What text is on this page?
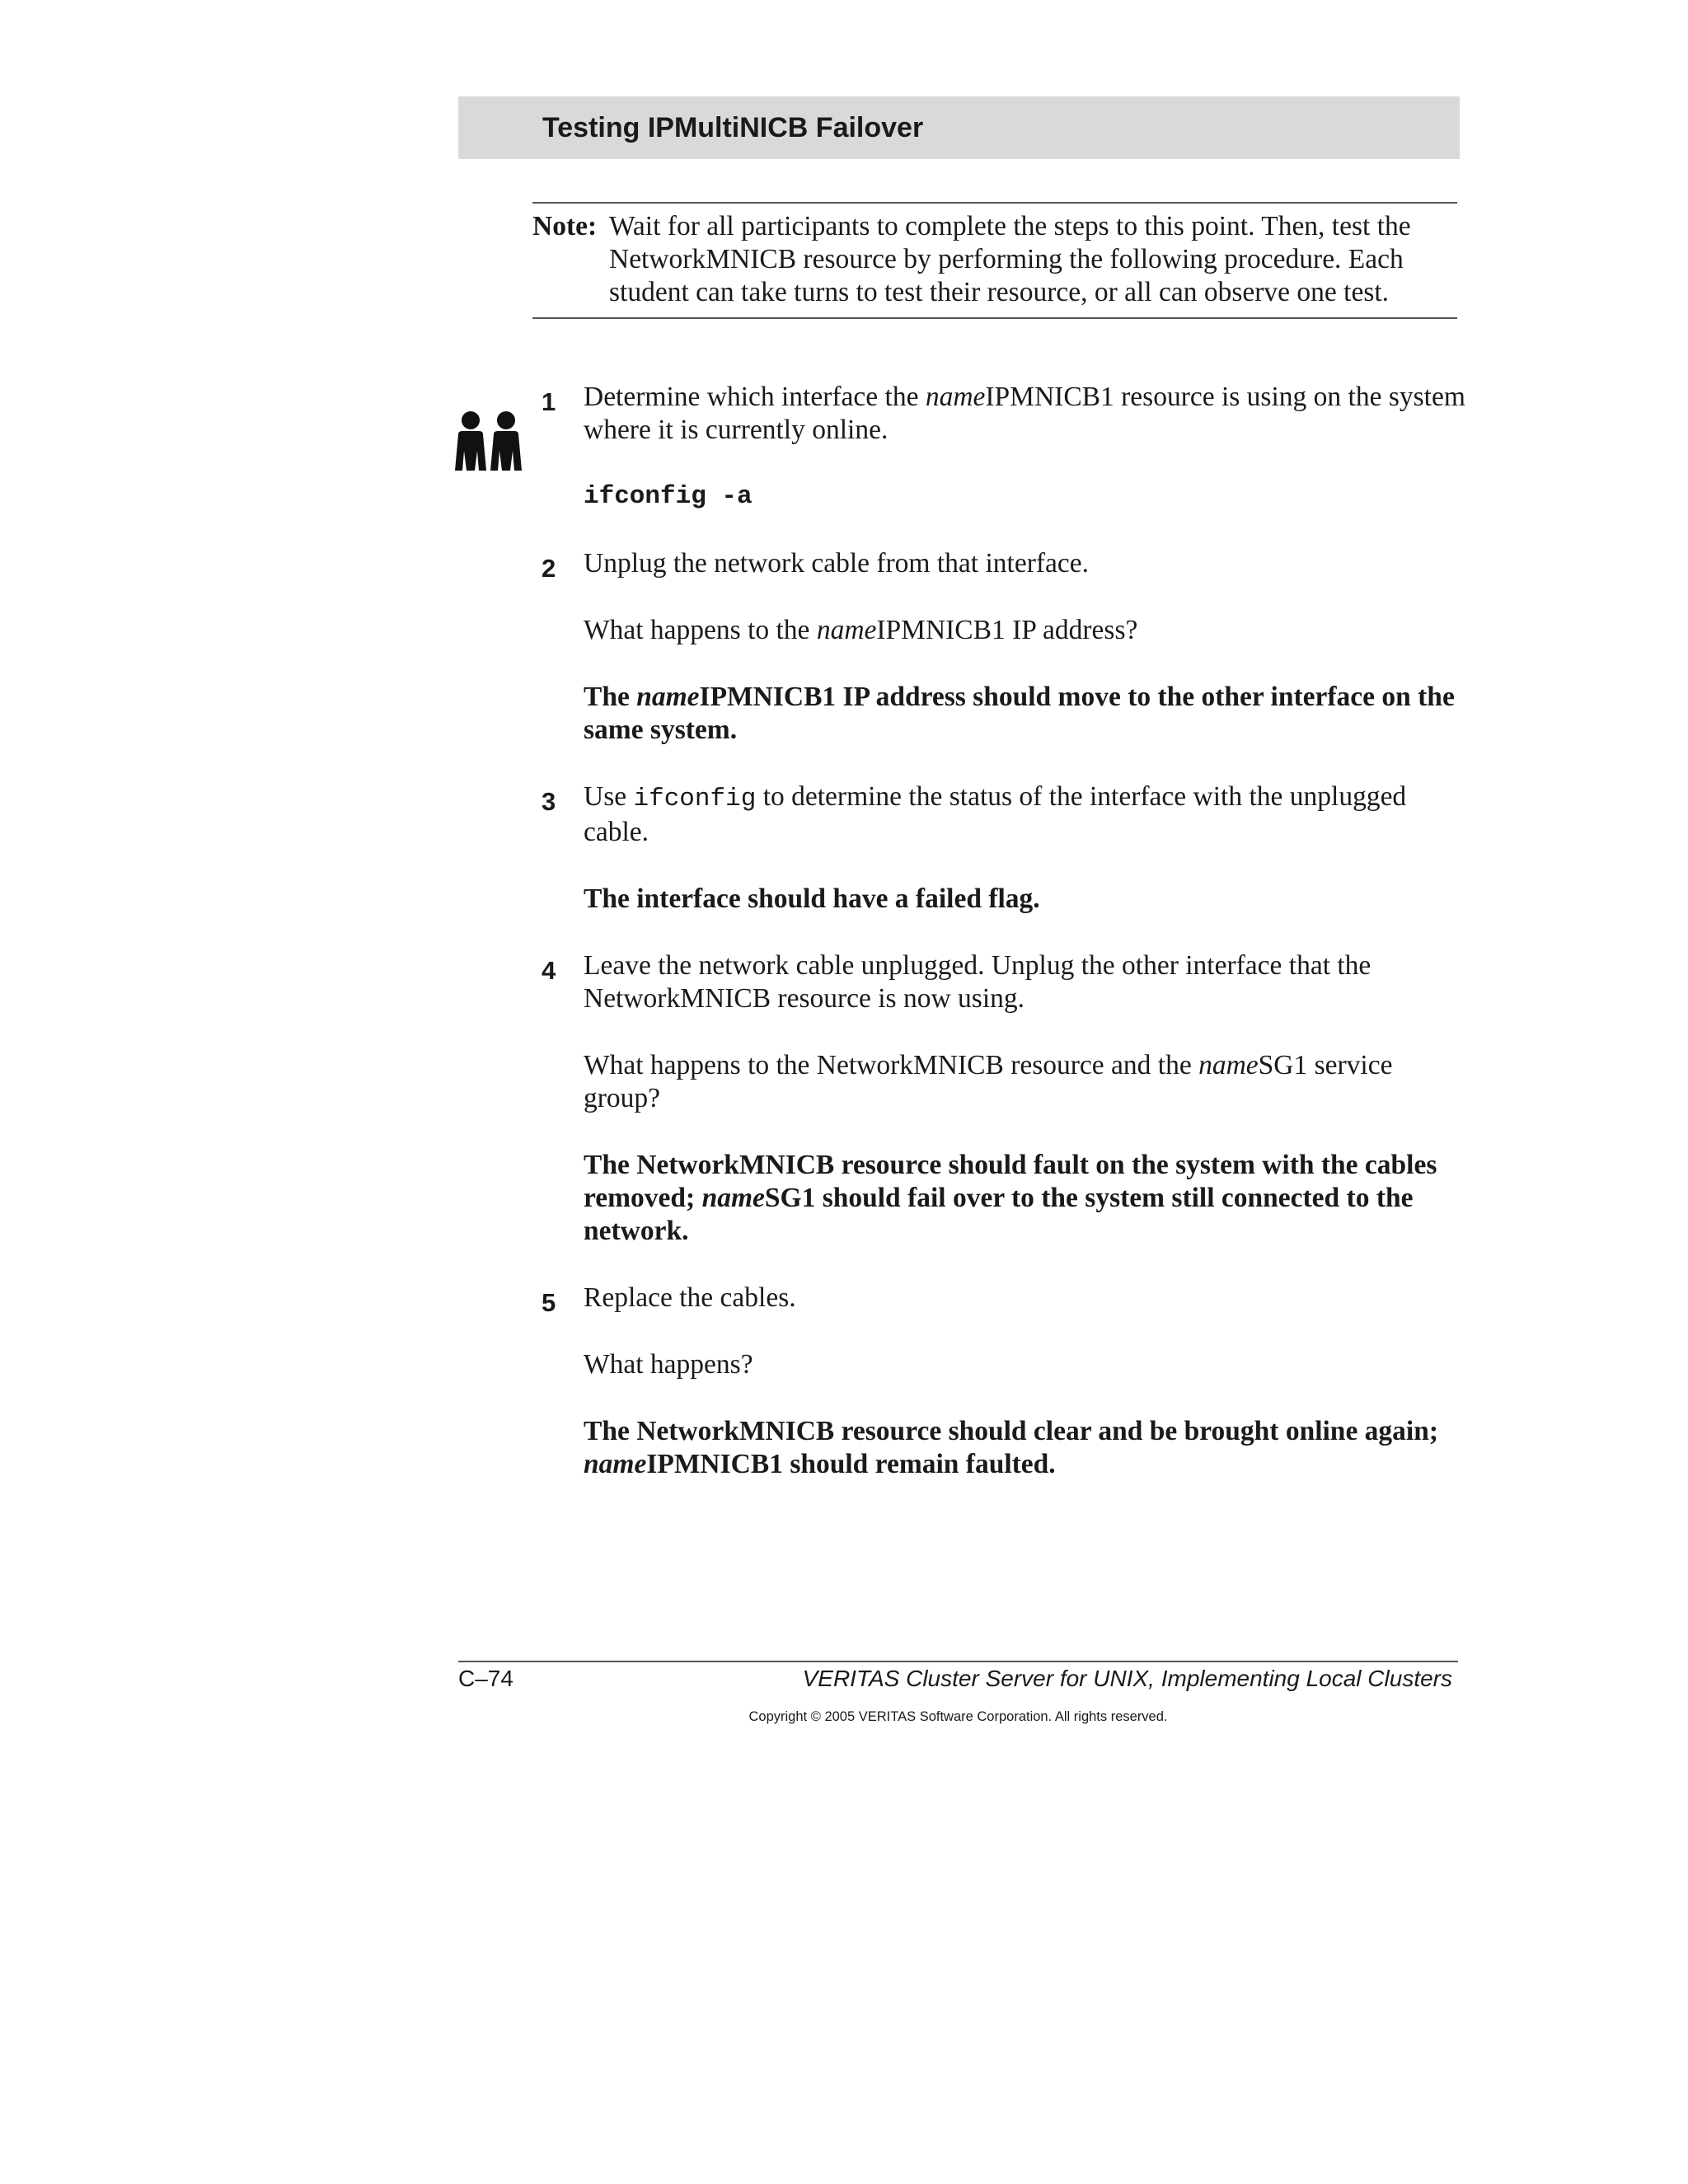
Testing IPMultiNICB Failover
Note: Wait for all participants to complete the steps to this point. Then, test the NetworkMNICB resource by performing the following procedure. Each student can take turns to test their resource, or all can observe one test.
1 Determine which interface the nameIPMNICB1 resource is using on the system where it is currently online.

ifconfig -a

2 Unplug the network cable from that interface.

What happens to the nameIPMNICB1 IP address?

The nameIPMNICB1 IP address should move to the other interface on the same system.

3 Use ifconfig to determine the status of the interface with the unplugged cable.

The interface should have a failed flag.

4 Leave the network cable unplugged. Unplug the other interface that the NetworkMNICB resource is now using.

What happens to the NetworkMNICB resource and the nameSG1 service group?

The NetworkMNICB resource should fault on the system with the cables removed; nameSG1 should fail over to the system still connected to the network.

5 Replace the cables.

What happens?

The NetworkMNICB resource should clear and be brought online again; nameIPMNICB1 should remain faulted.

C–74	VERITAS Cluster Server for UNIX, Implementing Local Clusters
Copyright © 2005 VERITAS Software Corporation. All rights reserved.
